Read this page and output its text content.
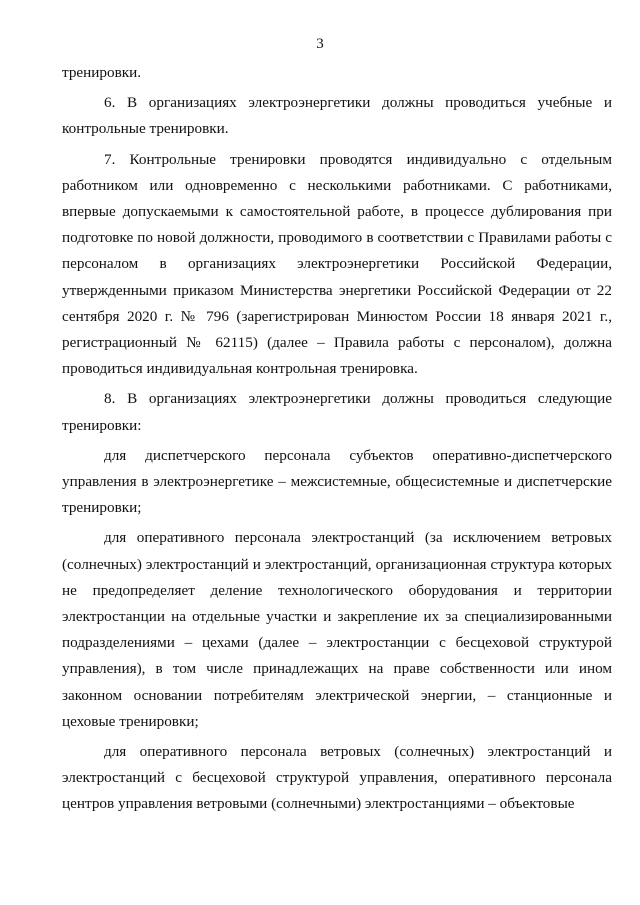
3

тренировки.

6. В организациях электроэнергетики должны проводиться учебные и контрольные тренировки.

7. Контрольные тренировки проводятся индивидуально с отдельным работником или одновременно с несколькими работниками. С работниками, впервые допускаемыми к самостоятельной работе, в процессе дублирования при подготовке по новой должности, проводимого в соответствии с Правилами работы с персоналом в организациях электроэнергетики Российской Федерации, утвержденными приказом Министерства энергетики Российской Федерации от 22 сентября 2020 г. № 796 (зарегистрирован Минюстом России 18 января 2021 г., регистрационный № 62115) (далее – Правила работы с персоналом), должна проводиться индивидуальная контрольная тренировка.

8. В организациях электроэнергетики должны проводиться следующие тренировки:

для диспетчерского персонала субъектов оперативно-диспетчерского управления в электроэнергетике – межсистемные, общесистемные и диспетчерские тренировки;

для оперативного персонала электростанций (за исключением ветровых (солнечных) электростанций и электростанций, организационная структура которых не предопределяет деление технологического оборудования и территории электростанции на отдельные участки и закрепление их за специализированными подразделениями – цехами (далее – электростанции с бесцеховой структурой управления), в том числе принадлежащих на праве собственности или ином законном основании потребителям электрической энергии, – станционные и цеховые тренировки;

для оперативного персонала ветровых (солнечных) электростанций и электростанций с бесцеховой структурой управления, оперативного персонала центров управления ветровыми (солнечными) электростанциями – объектовые
